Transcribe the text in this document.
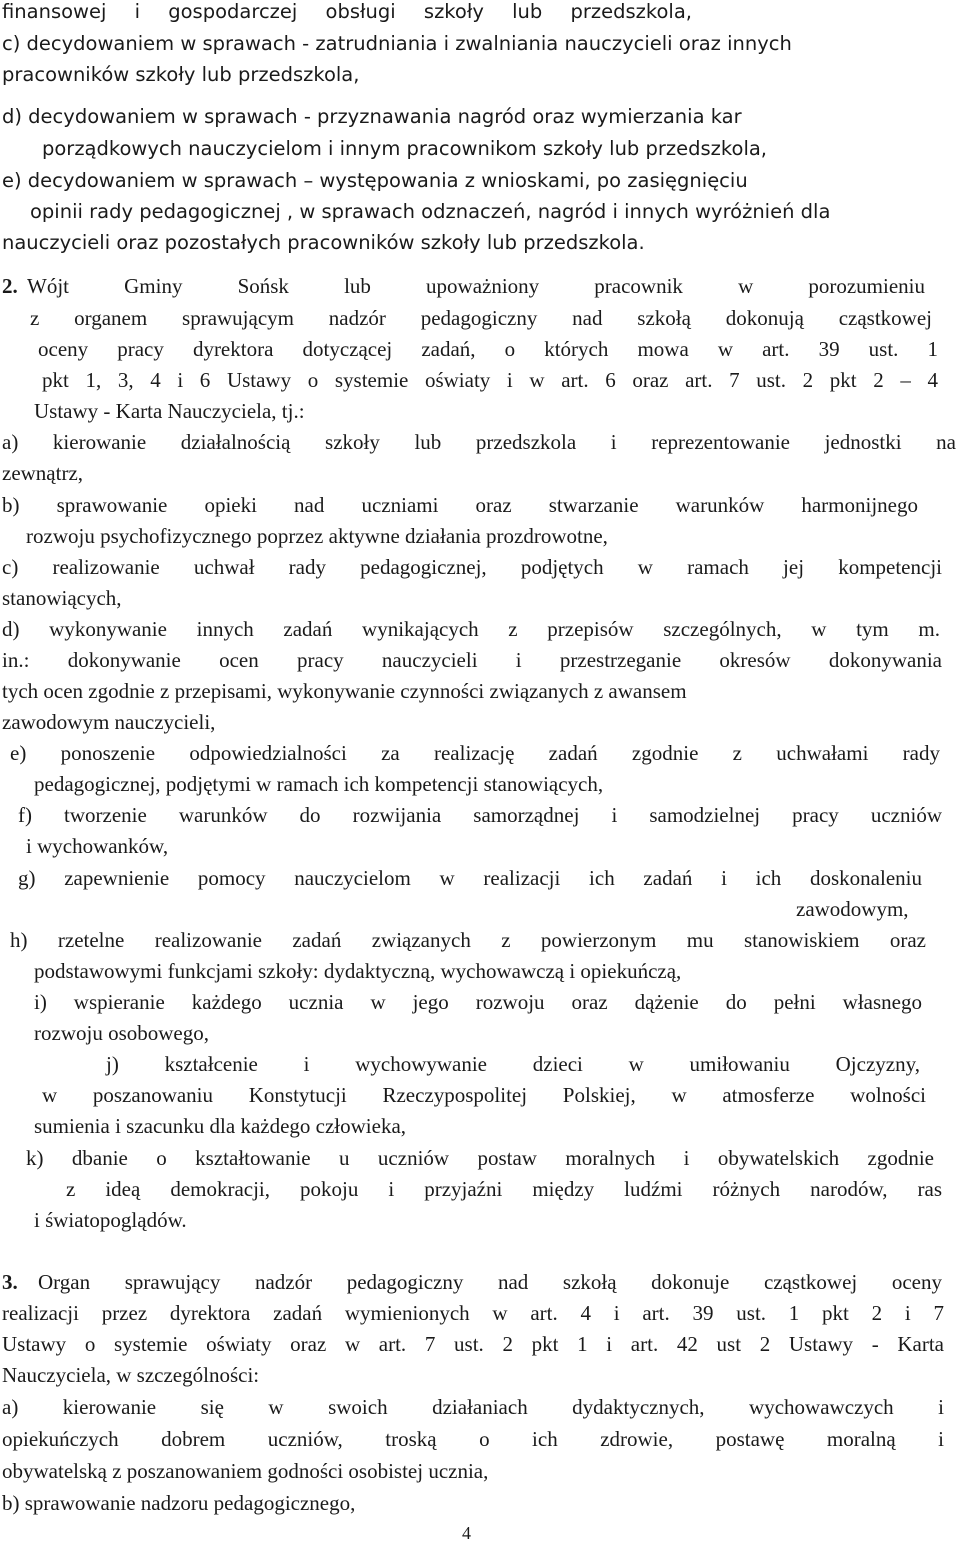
finansowej i gospodarczej obsługi szkoły lub przedszkola,

c) decydowaniem w sprawach - zatrudniania i zwalniania nauczycieli oraz innych

pracowników szkoły lub przedszkola,

d) decydowaniem w sprawach - przyznawania nagród oraz wymierzania kar

porządkowych nauczycielom i innym pracownikom szkoły lub przedszkola,

e) decydowaniem w sprawach – występowania z wnioskami, po zasięgnięciu

opinii rady pedagogicznej , w sprawach odznaczeń, nagród i innych wyróżnień dla

nauczycieli oraz pozostałych pracowników szkoły lub przedszkola.

2. Wójt Gminy Sońsk lub upoważniony pracownik w porozumieniu

z organem sprawującym nadzór pedagogiczny nad szkołą dokonują cząstkowej

oceny pracy dyrektora dotyczącej zadań, o których mowa w art. 39 ust. 1

pkt 1, 3, 4 i 6 Ustawy o systemie oświaty i w art. 6 oraz art. 7 ust. 2 pkt 2 – 4

Ustawy - Karta Nauczyciela, tj.:

a) kierowanie działalnością szkoły lub przedszkola i reprezentowanie jednostki na

zewnątrz,

b) sprawowanie opieki nad uczniami oraz stwarzanie warunków harmonijnego

rozwoju psychofizycznego poprzez aktywne działania prozdrowotne,

c) realizowanie uchwał rady pedagogicznej, podjętych w ramach jej kompetencji

stanowiących,

d) wykonywanie innych zadań wynikających z przepisów szczególnych, w tym m.

in.: dokonywanie ocen pracy nauczycieli i przestrzeganie okresów dokonywania

tych ocen zgodnie z przepisami, wykonywanie czynności związanych z awansem

zawodowym nauczycieli,

e) ponoszenie odpowiedzialności za realizację zadań zgodnie z uchwałami rady

pedagogicznej, podjętymi w ramach ich kompetencji stanowiących,

f) tworzenie warunków do rozwijania samorządnej i samodzielnej pracy uczniów

i wychowanków,

g) zapewnienie pomocy nauczycielom w realizacji ich zadań i ich doskonaleniu

zawodowym,

h) rzetelne realizowanie zadań związanych z powierzonym mu stanowiskiem oraz

podstawowymi funkcjami szkoły: dydaktyczną, wychowawczą i opiekuńczą,

i) wspieranie każdego ucznia w jego rozwoju oraz dążenie do pełni własnego

rozwoju osobowego,

j) kształcenie i wychowywanie dzieci w umiłowaniu Ojczyzny,

w poszanowaniu Konstytucji Rzeczypospolitej Polskiej, w atmosferze wolności

sumienia i szacunku dla każdego człowieka,

k) dbanie o kształtowanie u uczniów postaw moralnych i obywatelskich zgodnie

z ideą demokracji, pokoju i przyjaźni między ludźmi różnych narodów, ras

i światopoglądów.

3. Organ sprawujący nadzór pedagogiczny nad szkołą dokonuje cząstkowej oceny

realizacji przez dyrektora zadań wymienionych w art. 4 i art. 39 ust. 1 pkt 2 i 7

Ustawy o systemie oświaty oraz w art. 7 ust. 2 pkt 1 i art. 42 ust 2 Ustawy - Karta

Nauczyciela, w szczególności:

a) kierowanie się w swoich działaniach dydaktycznych, wychowawczych i

opiekuńczych dobrem uczniów, troską o ich zdrowie, postawę moralną i

obywatelską z poszanowaniem godności osobistej ucznia,

b) sprawowanie nadzoru pedagogicznego,

4
